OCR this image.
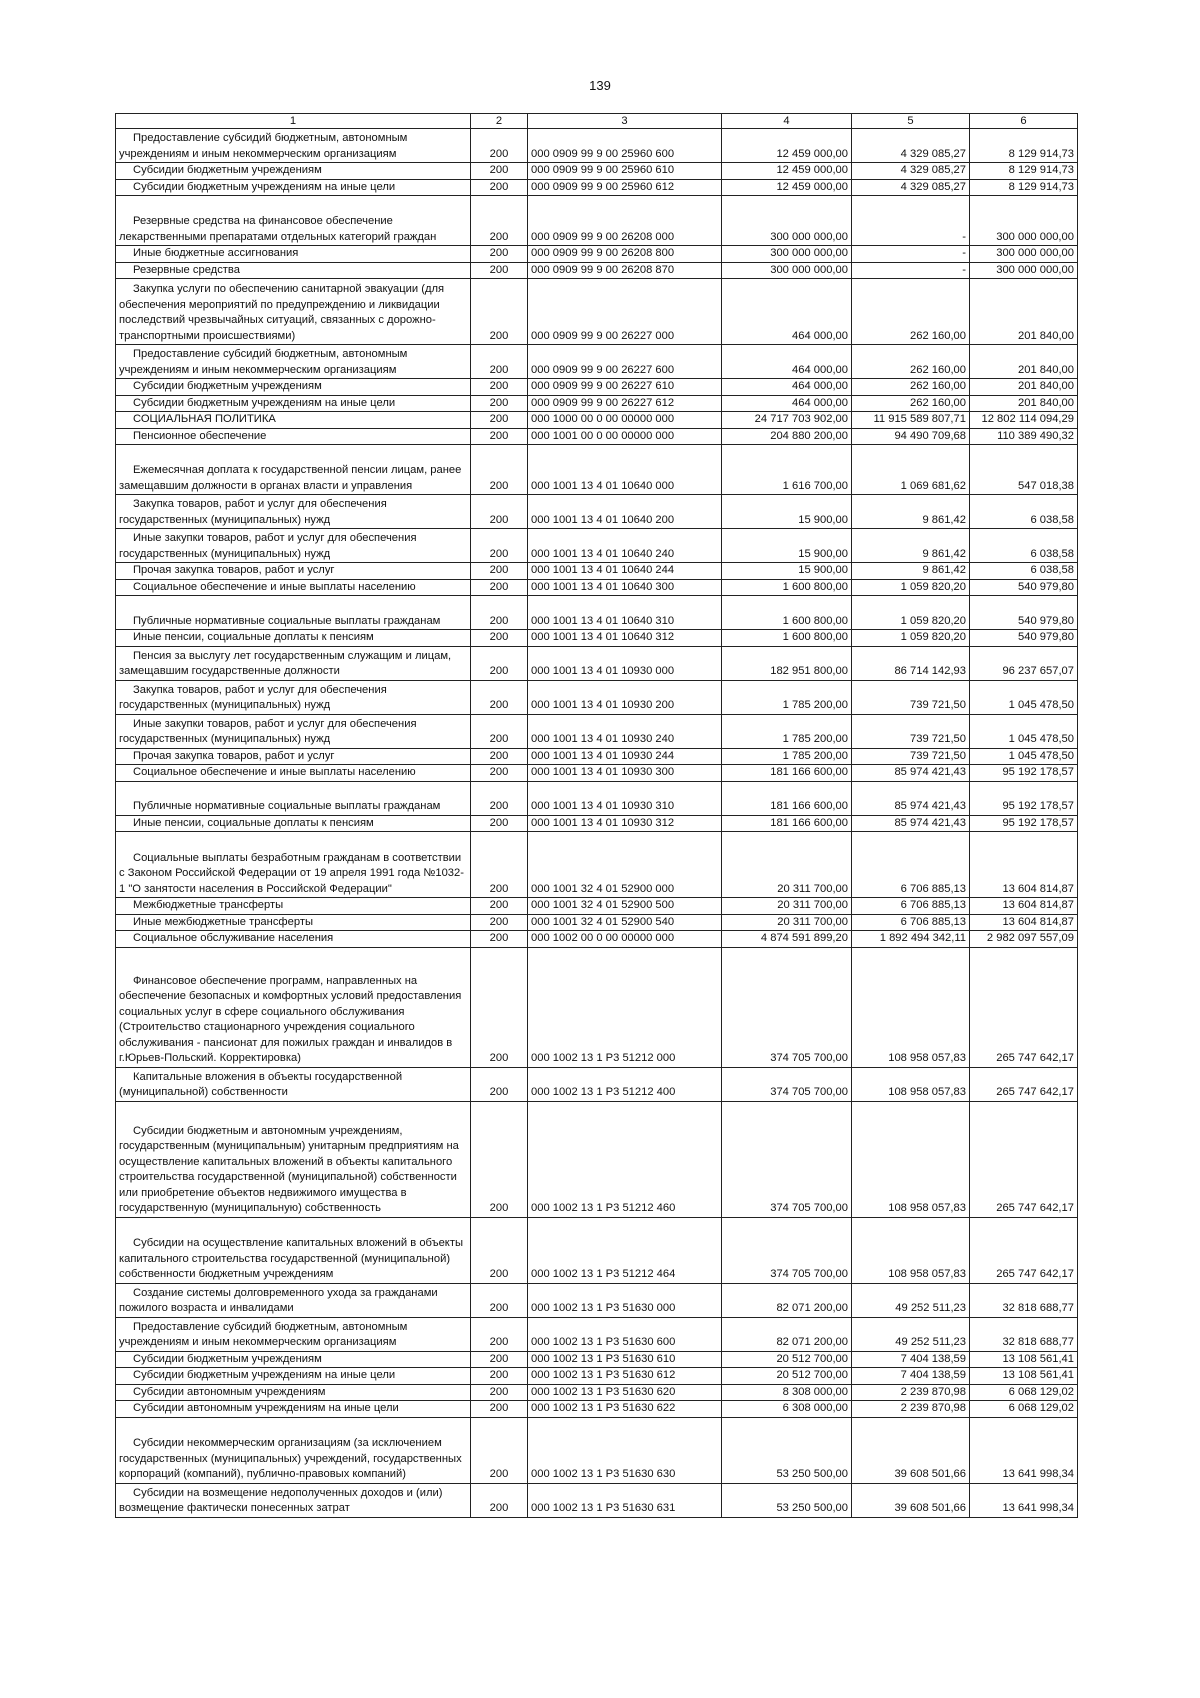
139
1	2	3	4	5	6
Предоставление субсидий бюджетным, автономным учреждениям и иным некоммерческим организациям	200	000 0909 99 9 00 25960 600	12 459 000,00	4 329 085,27	8 129 914,73
Субсидии бюджетным учреждениям	200	000 0909 99 9 00 25960 610	12 459 000,00	4 329 085,27	8 129 914,73
Субсидии бюджетным учреждениям на иные цели	200	000 0909 99 9 00 25960 612	12 459 000,00	4 329 085,27	8 129 914,73
Резервные средства на финансовое обеспечение лекарственными препаратами отдельных категорий граждан	200	000 0909 99 9 00 26208 000	300 000 000,00	-	300 000 000,00
Иные бюджетные ассигнования	200	000 0909 99 9 00 26208 800	300 000 000,00	-	300 000 000,00
Резервные средства	200	000 0909 99 9 00 26208 870	300 000 000,00	-	300 000 000,00
Закупка услуги по обеспечению санитарной эвакуации (для обеспечения мероприятий по предупреждению и ликвидации последствий чрезвычайных ситуаций, связанных с дорожно-транспортными происшествиями)	200	000 0909 99 9 00 26227 000	464 000,00	262 160,00	201 840,00
Предоставление субсидий бюджетным, автономным учреждениям и иным некоммерческим организациям	200	000 0909 99 9 00 26227 600	464 000,00	262 160,00	201 840,00
Субсидии бюджетным учреждениям	200	000 0909 99 9 00 26227 610	464 000,00	262 160,00	201 840,00
Субсидии бюджетным учреждениям на иные цели	200	000 0909 99 9 00 26227 612	464 000,00	262 160,00	201 840,00
СОЦИАЛЬНАЯ ПОЛИТИКА	200	000 1000 00 0 00 00000 000	24 717 703 902,00	11 915 589 807,71	12 802 114 094,29
Пенсионное обеспечение	200	000 1001 00 0 00 00000 000	204 880 200,00	94 490 709,68	110 389 490,32
Ежемесячная доплата к государственной пенсии лицам, ранее замещавшим должности в органах власти и управления	200	000 1001 13 4 01 10640 000	1 616 700,00	1 069 681,62	547 018,38
Закупка товаров, работ и услуг для обеспечения государственных (муниципальных) нужд	200	000 1001 13 4 01 10640 200	15 900,00	9 861,42	6 038,58
Иные закупки товаров, работ и услуг для обеспечения государственных (муниципальных) нужд	200	000 1001 13 4 01 10640 240	15 900,00	9 861,42	6 038,58
Прочая закупка товаров, работ и услуг	200	000 1001 13 4 01 10640 244	15 900,00	9 861,42	6 038,58
Социальное обеспечение и иные выплаты населению	200	000 1001 13 4 01 10640 300	1 600 800,00	1 059 820,20	540 979,80
Публичные нормативные социальные выплаты гражданам	200	000 1001 13 4 01 10640 310	1 600 800,00	1 059 820,20	540 979,80
Иные пенсии, социальные доплаты к пенсиям	200	000 1001 13 4 01 10640 312	1 600 800,00	1 059 820,20	540 979,80
Пенсия за выслугу лет государственным служащим и лицам, замещавшим государственные должности	200	000 1001 13 4 01 10930 000	182 951 800,00	86 714 142,93	96 237 657,07
Закупка товаров, работ и услуг для обеспечения государственных (муниципальных) нужд	200	000 1001 13 4 01 10930 200	1 785 200,00	739 721,50	1 045 478,50
Иные закупки товаров, работ и услуг для обеспечения государственных (муниципальных) нужд	200	000 1001 13 4 01 10930 240	1 785 200,00	739 721,50	1 045 478,50
Прочая закупка товаров, работ и услуг	200	000 1001 13 4 01 10930 244	1 785 200,00	739 721,50	1 045 478,50
Социальное обеспечение и иные выплаты населению	200	000 1001 13 4 01 10930 300	181 166 600,00	85 974 421,43	95 192 178,57
Публичные нормативные социальные выплаты гражданам	200	000 1001 13 4 01 10930 310	181 166 600,00	85 974 421,43	95 192 178,57
Иные пенсии, социальные доплаты к пенсиям	200	000 1001 13 4 01 10930 312	181 166 600,00	85 974 421,43	95 192 178,57
Социальные выплаты безработным гражданам в соответствии с Законом Российской Федерации от 19 апреля 1991 года №1032-1 "О занятости населения в Российской Федерации"	200	000 1001 32 4 01 52900 000	20 311 700,00	6 706 885,13	13 604 814,87
Межбюджетные трансферты	200	000 1001 32 4 01 52900 500	20 311 700,00	6 706 885,13	13 604 814,87
Иные межбюджетные трансферты	200	000 1001 32 4 01 52900 540	20 311 700,00	6 706 885,13	13 604 814,87
Социальное обслуживание населения	200	000 1002 00 0 00 00000 000	4 874 591 899,20	1 892 494 342,11	2 982 097 557,09
Финансовое обеспечение программ, направленных на обеспечение безопасных и комфортных условий предоставления социальных услуг в сфере социального обслуживания (Строительство стационарного учреждения социального обслуживания - пансионат для пожилых граждан и инвалидов в г.Юрьев-Польский. Корректировка)	200	000 1002 13 1 P3 51212 000	374 705 700,00	108 958 057,83	265 747 642,17
Капитальные вложения в объекты государственной (муниципальной) собственности	200	000 1002 13 1 P3 51212 400	374 705 700,00	108 958 057,83	265 747 642,17
Субсидии бюджетным и автономным учреждениям, государственным (муниципальным) унитарным предприятиям на осуществление капитальных вложений в объекты капитального строительства государственной (муниципальной) собственности или приобретение объектов недвижимого имущества в государственную (муниципальную) собственность	200	000 1002 13 1 P3 51212 460	374 705 700,00	108 958 057,83	265 747 642,17
Субсидии на осуществление капитальных вложений в объекты капитального строительства государственной (муниципальной) собственности бюджетным учреждениям	200	000 1002 13 1 P3 51212 464	374 705 700,00	108 958 057,83	265 747 642,17
Создание системы долговременного ухода за гражданами пожилого возраста и инвалидами	200	000 1002 13 1 P3 51630 000	82 071 200,00	49 252 511,23	32 818 688,77
Предоставление субсидий бюджетным, автономным учреждениям и иным некоммерческим организациям	200	000 1002 13 1 P3 51630 600	82 071 200,00	49 252 511,23	32 818 688,77
Субсидии бюджетным учреждениям	200	000 1002 13 1 P3 51630 610	20 512 700,00	7 404 138,59	13 108 561,41
Субсидии бюджетным учреждениям на иные цели	200	000 1002 13 1 P3 51630 612	20 512 700,00	7 404 138,59	13 108 561,41
Субсидии автономным учреждениям	200	000 1002 13 1 P3 51630 620	8 308 000,00	2 239 870,98	6 068 129,02
Субсидии автономным учреждениям на иные цели	200	000 1002 13 1 P3 51630 622	6 308 000,00	2 239 870,98	6 068 129,02
Субсидии некоммерческим организациям (за исключением государственных (муниципальных) учреждений, государственных корпораций (компаний), публично-правовых компаний)	200	000 1002 13 1 P3 51630 630	53 250 500,00	39 608 501,66	13 641 998,34
Субсидии на возмещение недополученных доходов и (или) возмещение фактически понесенных затрат	200	000 1002 13 1 P3 51630 631	53 250 500,00	39 608 501,66	13 641 998,34
